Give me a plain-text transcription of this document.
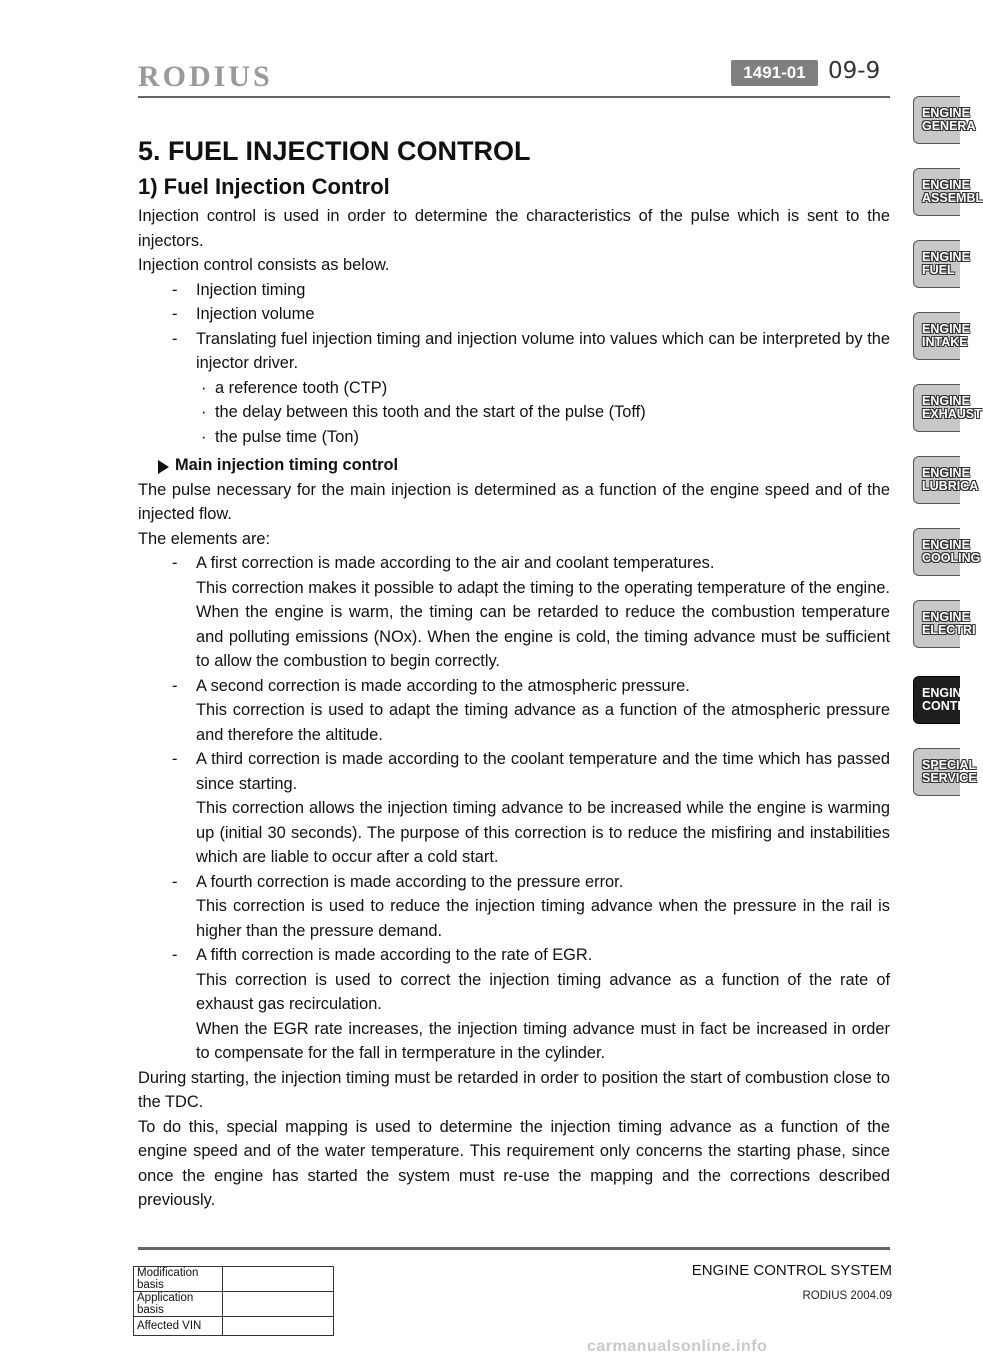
RODIUS	1491-01 09-9
ENGINE
GENERA
ENGINE
ASSEMBL
ENGINE
FUEL
ENGINE
INTAKE
ENGINE
EXHAUST
ENGINE
LUBRICA
ENGINE
COOLING
ENGINE
ELECTRI
ENGINE
CONTRO
SPECIAL
SERVICE
5. FUEL INJECTION CONTROL
1) Fuel Injection Control

Injection control is used in order to determine the characteristics of the pulse which is sent to the injectors.

Injection control consists as below.

- Injection timing
- Injection volume
- Translating fuel injection timing and injection volume into values which can be interpreted by the injector driver.
· a reference tooth (CTP)
· the delay between this tooth and the start of the pulse (Toff)
· the pulse time (Ton)
Main injection timing control

The pulse necessary for the main injection is determined as a function of the engine speed and of the injected flow.

The elements are:

- A first correction is made according to the air and coolant temperatures.

This correction makes it possible to adapt the timing to the operating temperature of the engine. When the engine is warm, the timing can be retarded to reduce the combustion temperature and polluting emissions (NOx). When the engine is cold, the timing advance must be sufficient to allow the combustion to begin correctly.

- A second correction is made according to the atmospheric pressure.

This correction is used to adapt the timing advance as a function of the atmospheric pressure and therefore the altitude.

- A third correction is made according to the coolant temperature and the time which has passed since starting.

This correction allows the injection timing advance to be increased while the engine is warming up (initial 30 seconds). The purpose of this correction is to reduce the misfiring and instabilities which are liable to occur after a cold start.

- A fourth correction is made according to the pressure error.

This correction is used to reduce the injection timing advance when the pressure in the rail is higher than the pressure demand.

- A fifth correction is made according to the rate of EGR.

This correction is used to correct the injection timing advance as a function of the rate of exhaust gas recirculation.

When the EGR rate increases, the injection timing advance must in fact be increased in order to compensate for the fall in termperature in the cylinder.

During starting, the injection timing must be retarded in order to position the start of combustion close to the TDC.

To do this, special mapping is used to determine the injection timing advance as a function of the engine speed and of the water temperature. This requirement only concerns the starting phase, since once the engine has started the system must re-use the mapping and the corrections described previously.

ENGINE CONTROL SYSTEM
RODIUS 2004.09
Modification basis	
Application basis	
Affected VIN	
carmanualsonline.info
